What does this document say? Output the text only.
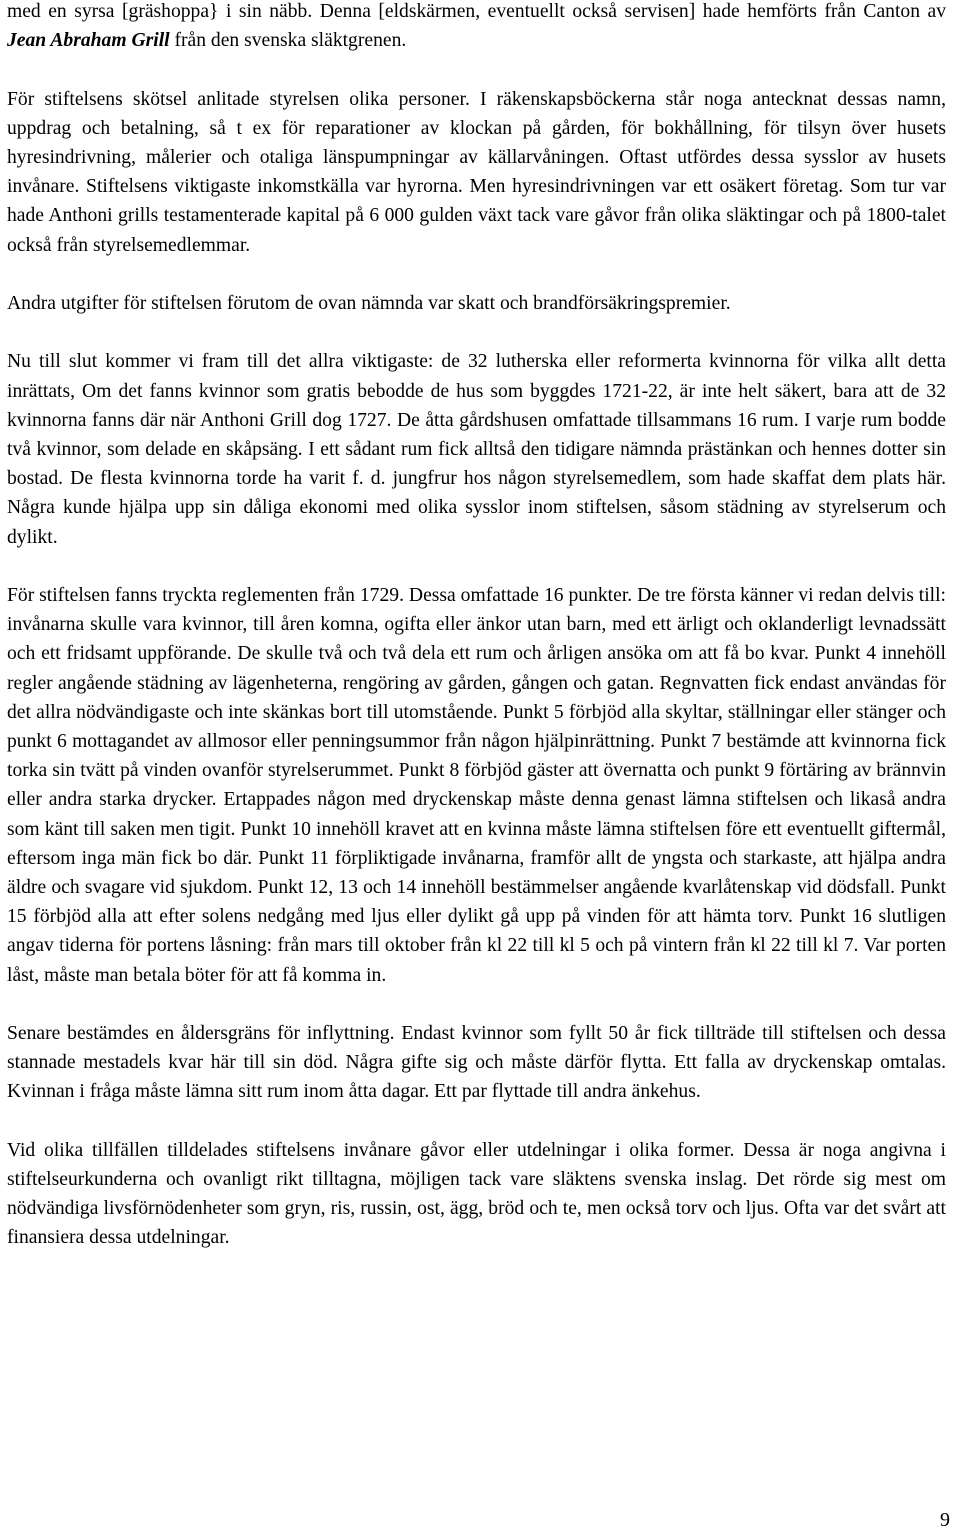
med en syrsa [gräshoppa} i sin näbb. Denna [eldskärmen, eventuellt också servisen] hade hemförts från Canton av Jean Abraham Grill från den svenska släktgrenen.

För stiftelsens skötsel anlitade styrelsen olika personer. I räkenskapsböckerna står noga antecknat dessas namn, uppdrag och betalning, så t ex för reparationer av klockan på gården, för bokhållning, för tilsyn över husets hyresindrivning, målerier och otaliga länspumpningar av källarvåningen. Oftast utfördes dessa sysslor av husets invånare. Stiftelsens viktigaste inkomstkälla var hyrorna. Men hyresindrivningen var ett osäkert företag. Som tur var hade Anthoni grills testamenterade kapital på 6 000 gulden växt tack vare gåvor från olika släktingar och på 1800-talet också från styrelsemedlemmar.

Andra utgifter för stiftelsen förutom de ovan nämnda var skatt och brandförsäkringspremier.

Nu till slut kommer vi fram till det allra viktigaste: de 32 lutherska eller reformerta kvinnorna för vilka allt detta inrättats, Om det fanns kvinnor som gratis bebodde de hus som byggdes 1721-22, är inte helt säkert, bara att de 32 kvinnorna fanns där när Anthoni Grill dog 1727. De åtta gårdshusen omfattade tillsammans 16 rum. I varje rum bodde två kvinnor, som delade en skåpsäng. I ett sådant rum fick alltså den tidigare nämnda prästänkan och hennes dotter sin bostad. De flesta kvinnorna torde ha varit f. d. jungfrur hos någon styrelsemedlem, som hade skaffat dem plats här. Några kunde hjälpa upp sin dåliga ekonomi med olika sysslor inom stiftelsen, såsom städning av styrelserum och dylikt.

För stiftelsen fanns tryckta reglementen från 1729. Dessa omfattade 16 punkter. De tre första känner vi redan delvis till: invånarna skulle vara kvinnor, till åren komna, ogifta eller änkor utan barn, med ett ärligt och oklanderligt levnadssätt och ett fridsamt uppförande. De skulle två och två dela ett rum och årligen ansöka om att få bo kvar. Punkt 4 innehöll regler angående städning av lägenheterna, rengöring av gården, gången och gatan. Regnvatten fick endast användas för det allra nödvändigaste och inte skänkas bort till utomstående. Punkt 5 förbjöd alla skyltar, ställningar eller stänger och punkt 6 mottagandet av allmosor eller penningsummor från någon hjälpinrättning. Punkt 7 bestämde att kvinnorna fick torka sin tvätt på vinden ovanför styrelserummet. Punkt 8 förbjöd gäster att övernatta och punkt 9 förtäring av brännvin eller andra starka drycker. Ertappades någon med dryckenskap måste denna genast lämna stiftelsen och likaså andra som känt till saken men tigit. Punkt 10 innehöll kravet att en kvinna måste lämna stiftelsen före ett eventuellt giftermål, eftersom inga män fick bo där. Punkt 11 förpliktigade invånarna, framför allt de yngsta och starkaste, att hjälpa andra äldre och svagare vid sjukdom. Punkt 12, 13 och 14 innehöll bestämmelser angående kvarlåtenskap vid dödsfall. Punkt 15 förbjöd alla att efter solens nedgång med ljus eller dylikt gå upp på vinden för att hämta torv. Punkt 16 slutligen angav tiderna för portens låsning: från mars till oktober från kl 22 till kl 5 och på vintern från kl 22 till kl 7. Var porten låst, måste man betala böter för att få komma in.

Senare bestämdes en åldersgräns för inflyttning. Endast kvinnor som fyllt 50 år fick tillträde till stiftelsen och dessa stannade mestadels kvar här till sin död. Några gifte sig och måste därför flytta. Ett falla av dryckenskap omtalas. Kvinnan i fråga måste lämna sitt rum inom åtta dagar. Ett par flyttade till andra änkehus.

Vid olika tillfällen tilldelades stiftelsens invånare gåvor eller utdelningar i olika former. Dessa är noga angivna i stiftelseurkunderna och ovanligt rikt tilltagna, möjligen tack vare släktens svenska inslag. Det rörde sig mest om nödvändiga livsförnödenheter som gryn, ris, russin, ost, ägg, bröd och te, men också torv och ljus. Ofta var det svårt att finansiera dessa utdelningar.

9
